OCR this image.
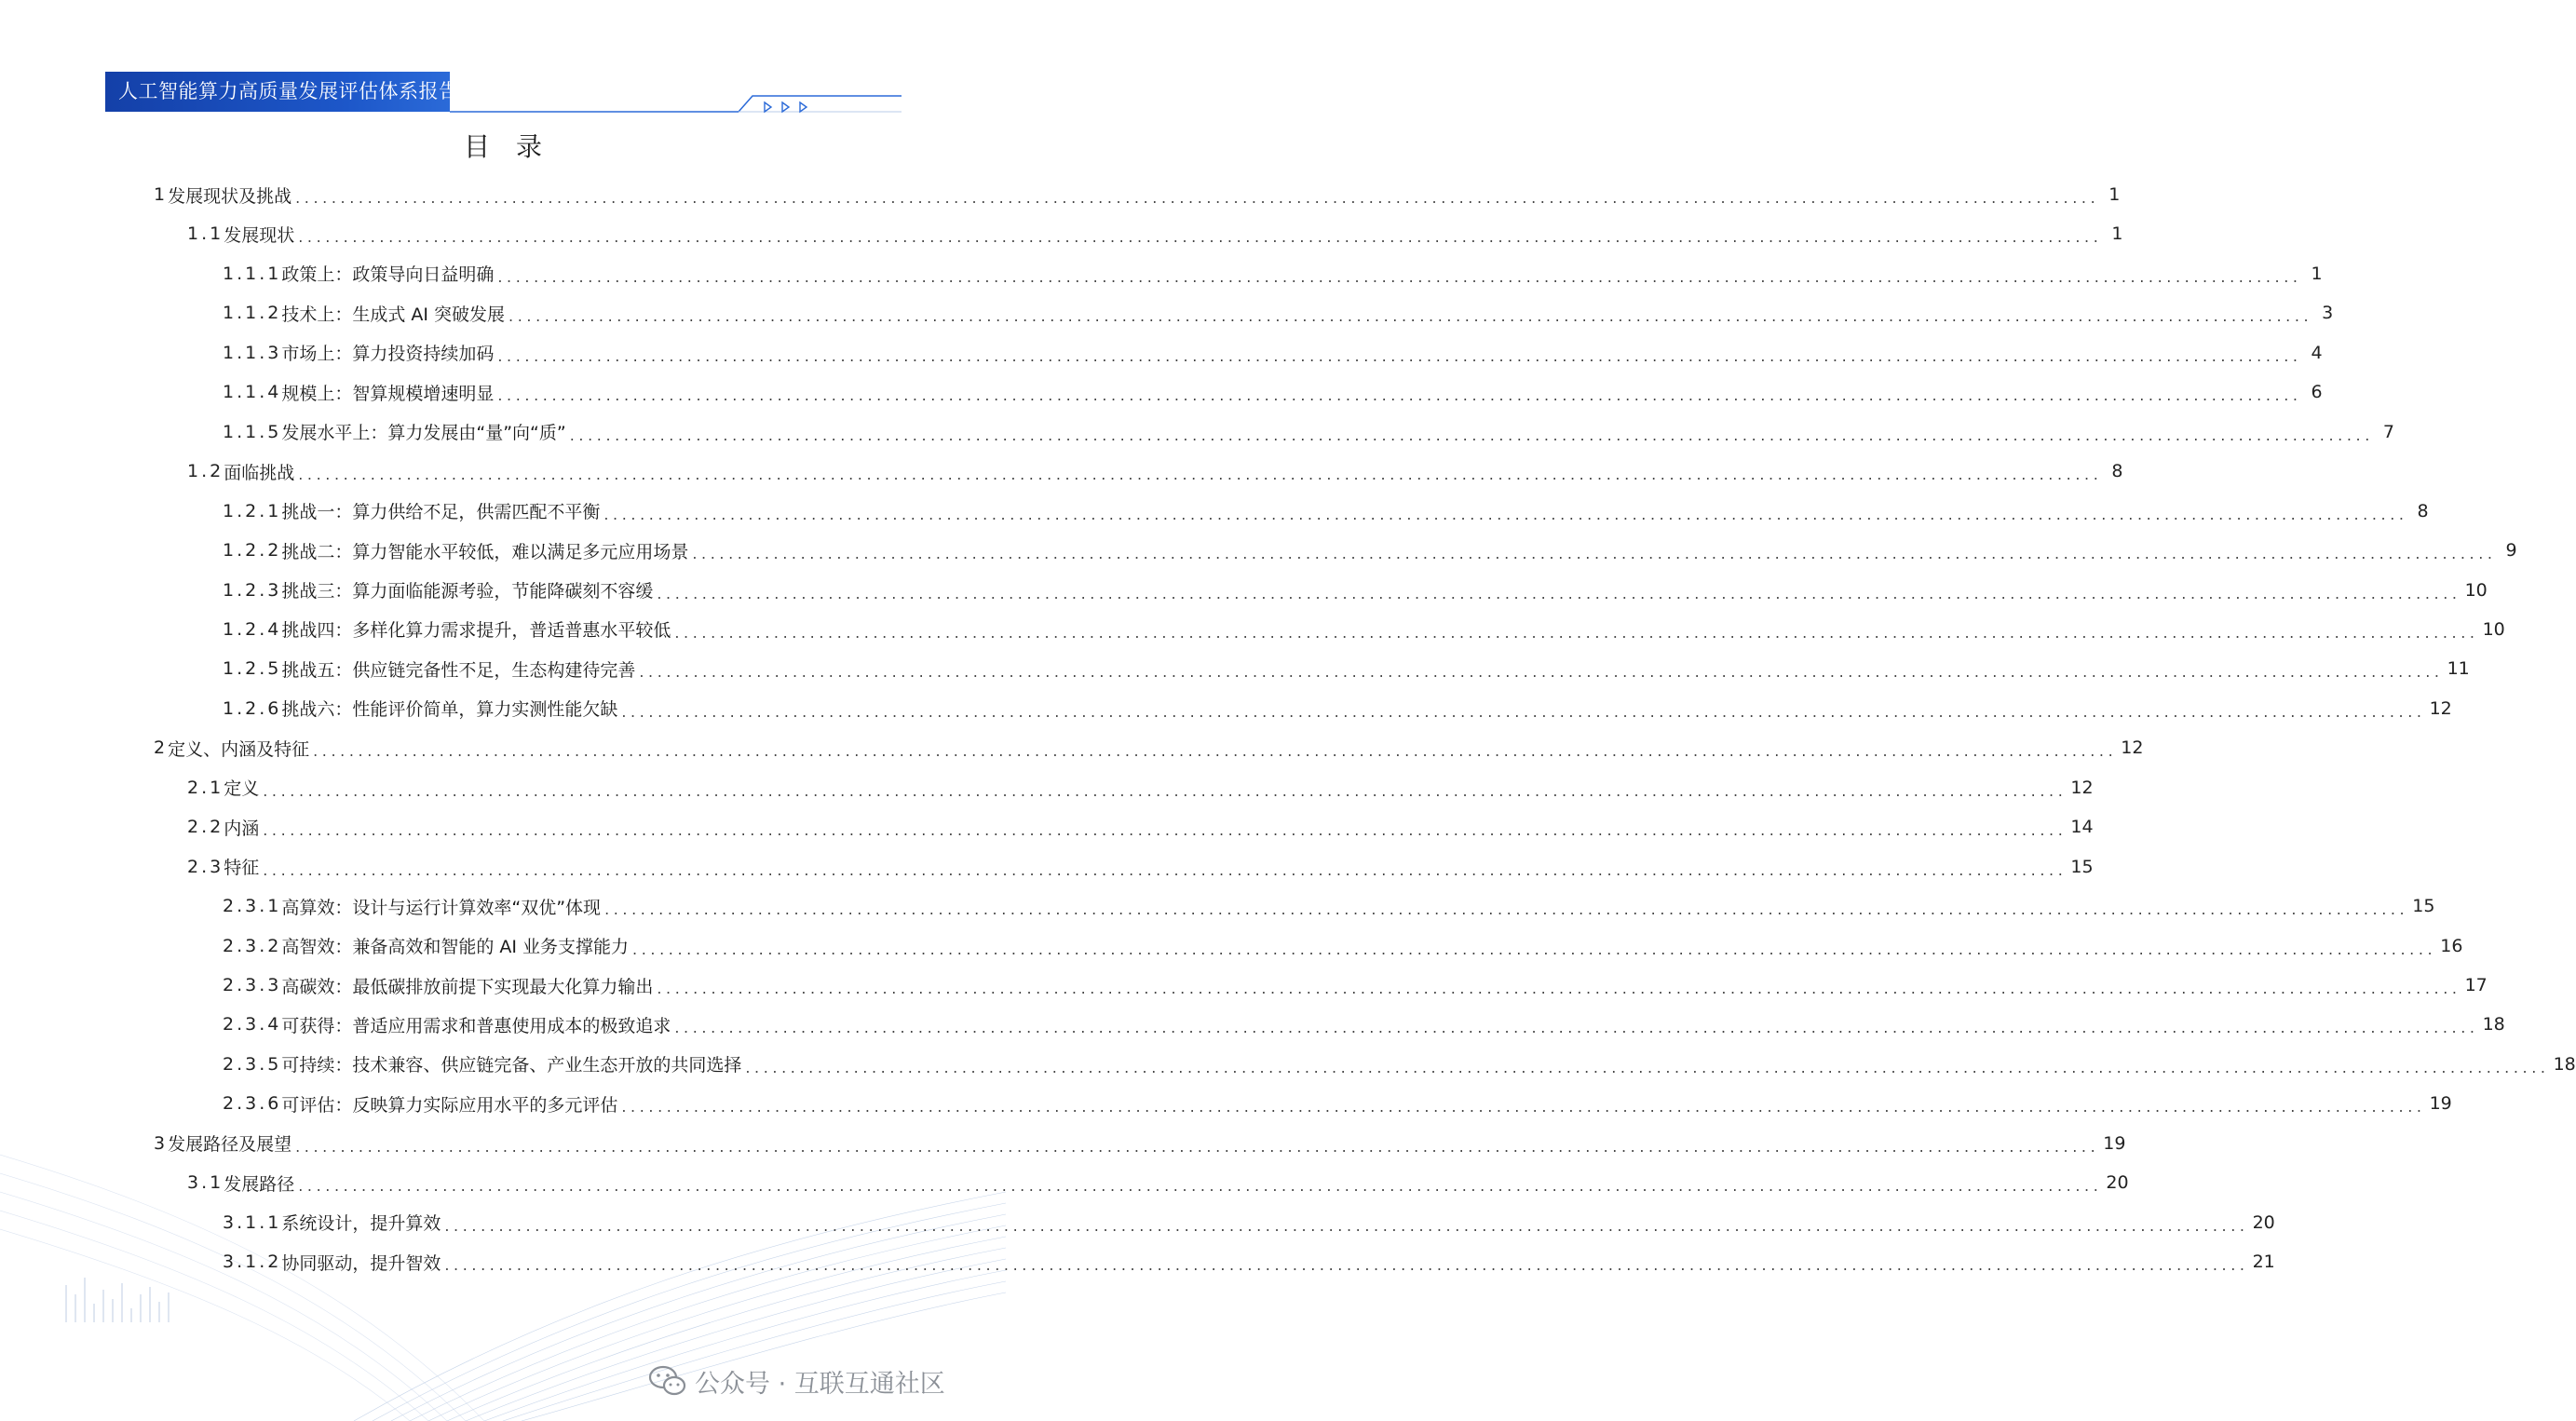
人工智能算力高质量发展评估体系报告
目录
1 发展现状及挑战 ........................................................................................................................................................................................................ 1
1.1 发展现状 ........................................................................................................................................................................................................ 1
1.1.1 政策上：政策导向日益明确 ........................................................................................................................................................................................................ 1
1.1.2 技术上：生成式 AI 突破发展 ........................................................................................................................................................................................................ 3
1.1.3 市场上：算力投资持续加码 ........................................................................................................................................................................................................ 4
1.1.4 规模上：智算规模增速明显 ........................................................................................................................................................................................................ 6
1.1.5 发展水平上：算力发展由“量”向“质” ........................................................................................................................................................................................................ 7
1.2 面临挑战 ........................................................................................................................................................................................................ 8
1.2.1 挑战一：算力供给不足，供需匹配不平衡 ........................................................................................................................................................................................................ 8
1.2.2 挑战二：算力智能水平较低，难以满足多元应用场景 ........................................................................................................................................................................................................ 9
1.2.3 挑战三：算力面临能源考验，节能降碳刻不容缓 ........................................................................................................................................................................................................ 10
1.2.4 挑战四：多样化算力需求提升，普适普惠水平较低 ........................................................................................................................................................................................................ 10
1.2.5 挑战五：供应链完备性不足，生态构建待完善 ........................................................................................................................................................................................................ 11
1.2.6 挑战六：性能评价简单，算力实测性能欠缺 ........................................................................................................................................................................................................ 12
2 定义、内涵及特征 ........................................................................................................................................................................................................ 12
2.1 定义 ........................................................................................................................................................................................................ 12
2.2 内涵 ........................................................................................................................................................................................................ 14
2.3 特征 ........................................................................................................................................................................................................ 15
2.3.1 高算效：设计与运行计算效率“双优”体现 ........................................................................................................................................................................................................ 15
2.3.2 高智效：兼备高效和智能的 AI 业务支撑能力 ........................................................................................................................................................................................................ 16
2.3.3 高碳效：最低碳排放前提下实现最大化算力输出 ........................................................................................................................................................................................................ 17
2.3.4 可获得：普适应用需求和普惠使用成本的极致追求 ........................................................................................................................................................................................................ 18
2.3.5 可持续：技术兼容、供应链完备、产业生态开放的共同选择 ........................................................................................................................................................................................................ 18
2.3.6 可评估：反映算力实际应用水平的多元评估 ........................................................................................................................................................................................................ 19
3 发展路径及展望 ........................................................................................................................................................................................................ 19
3.1 发展路径 ........................................................................................................................................................................................................ 20
3.1.1 系统设计，提升算效 ........................................................................................................................................................................................................ 20
3.1.2 协同驱动，提升智效 ........................................................................................................................................................................................................ 21
公众号 · 互联互通社区
